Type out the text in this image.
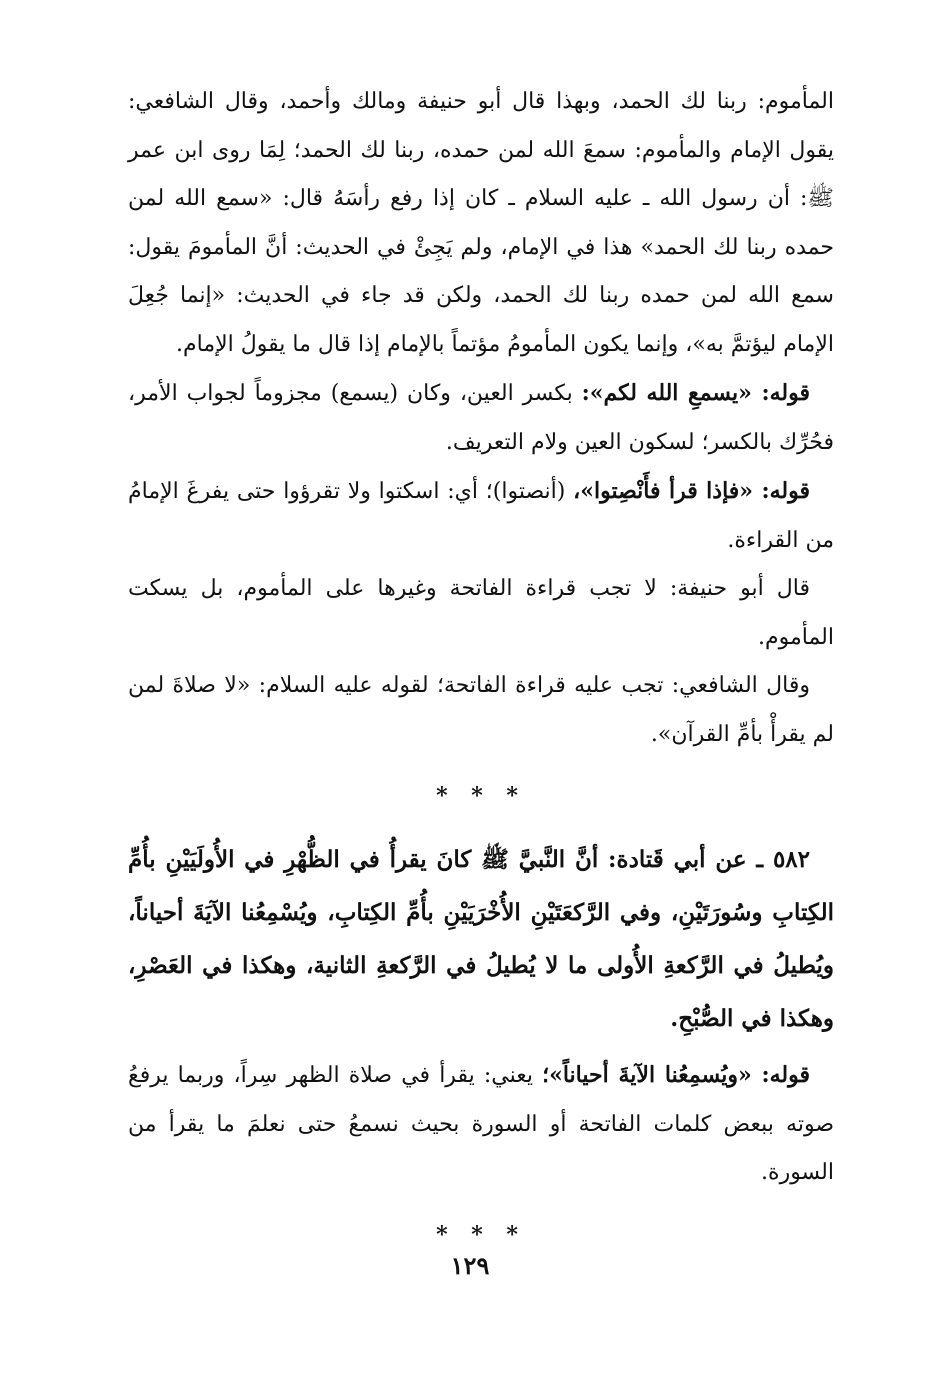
المأموم: ربنا لك الحمد، وبهذا قال أبو حنيفة ومالك وأحمد، وقال الشافعي: يقول الإمام والمأموم: سمعَ الله لمن حمده، ربنا لك الحمد؛ لِمَا روى ابن عمر ﷺ: أن رسول الله ـ عليه السلام ـ كان إذا رفع رأسَهُ قال: «سمع الله لمن حمده ربنا لك الحمد» هذا في الإمام، ولم يَجِئْ في الحديث: أنَّ المأمومَ يقول: سمع الله لمن حمده ربنا لك الحمد، ولكن قد جاء في الحديث: «إنما جُعِلَ الإمام ليؤتمَّ به»، وإنما يكون المأمومُ مؤتماً بالإمام إذا قال ما يقولُ الإمام.

قوله: «يسمعِ الله لكم»: بكسر العين، وكان (يسمع) مجزوماً لجواب الأمر، فحُرِّك بالكسر؛ لسكون العين ولام التعريف.

قوله: «فإذا قرأ فأَنْصِتوا»، (أنصتوا)؛ أي: اسكتوا ولا تقرؤوا حتى يفرغَ الإمامُ من القراءة.

قال أبو حنيفة: لا تجب قراءة الفاتحة وغيرها على المأموم، بل يسكت المأموم.

وقال الشافعي: تجب عليه قراءة الفاتحة؛ لقوله عليه السلام: «لا صلاةَ لمن لم يقرأْ بأمِّ القرآن».

* * *

٥٨٢ ـ عن أبي قَتادة: أنَّ النَّبيَّ ﷺ كانَ يقرأُ في الظُّهْرِ في الأُولَيَيْنِ بأُمِّ الكِتابِ وسُورَتَيْنِ، وفي الرَّكعَتَيْنِ الأُخْرَيَيْنِ بأُمِّ الكِتابِ، ويُسْمِعُنا الآيَةَ أحياناً، ويُطيلُ في الرَّكعةِ الأُولى ما لا يُطيلُ في الرَّكعةِ الثانية، وهكذا في العَصْرِ، وهكذا في الصُّبْحِ.

قوله: «ويُسمِعُنا الآيةَ أحياناً»؛ يعني: يقرأ في صلاة الظهر سِراً، وربما يرفعُ صوته ببعض كلمات الفاتحة أو السورة بحيث نسمعُ حتى نعلمَ ما يقرأ من السورة.

* * *
١٢٩
